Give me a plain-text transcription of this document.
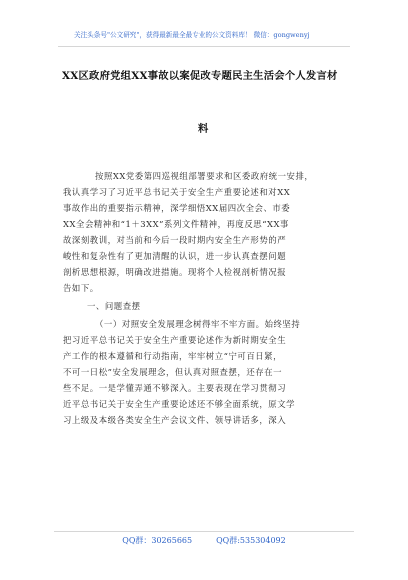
关注头条号"公文研究"，获得最新最全最专业的公文资料库！ 微信：gongwenyj
XX区政府党组XX事故以案促改专题民主生活会个人发言材
料
按照XX党委第四巡视组部署要求和区委政府统一安排，
我认真学习了习近平总书记关于安全生产重要论述和对XX
事故作出的重要指示精神，深学细悟XX届四次全会、市委
XX全会精神和“1＋3XX”系列文件精神，再度反思“XX事
故深刻教训，对当前和今后一段时期内安全生产形势的严
峻性和复杂性有了更加清醒的认识，进一步认真查摆问题
剖析思想根源，明确改进措施。现将个人检视剖析情况报
告如下。
一、问题查摆
（一）对照安全发展理念树得牢不牢方面。始终坚持
把习近平总书记关于安全生产重要论述作为新时期安全生
产工作的根本遵循和行动指南，牢牢树立“宁可百日紧，
不可一日松”安全发展理念，但认真对照查摆，还存在一
些不足。一是学懂弄通不够深入。主要表现在学习贯彻习
近平总书记关于安全生产重要论述还不够全面系统，原文学
习上级及本级各类安全生产会议文件、领导讲话多，深入
QQ群：30265665	QQ群:535304092
